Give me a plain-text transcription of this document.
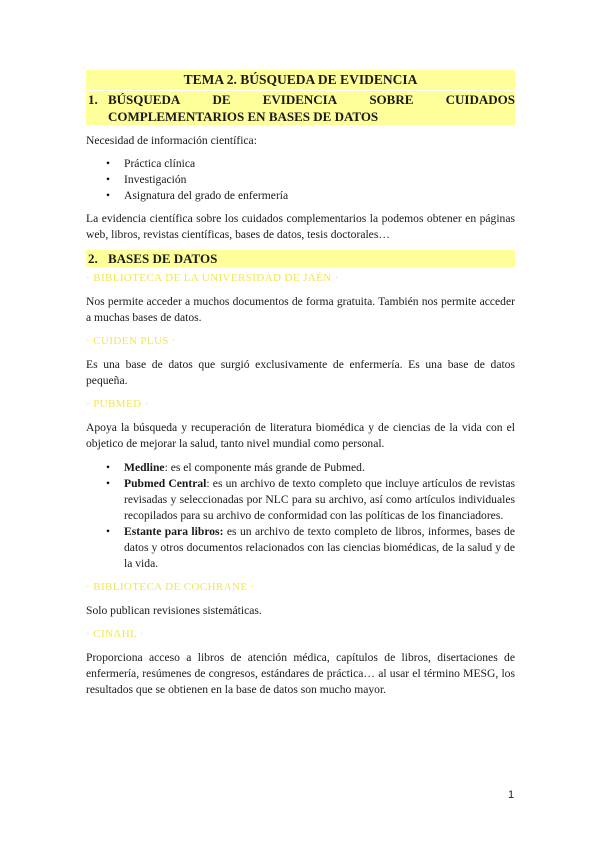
TEMA 2. BÚSQUEDA DE EVIDENCIA
1. BÚSQUEDA DE EVIDENCIA SOBRE CUIDADOS
COMPLEMENTARIOS EN BASES DE DATOS

Necesidad de información científica:

• Práctica clínica
• Investigación
• Asignatura del grado de enfermería

La evidencia científica sobre los cuidados complementarios la podemos obtener en páginas web, libros, revistas científicas, bases de datos, tesis doctorales…

2. BASES DE DATOS
· BIBLIOTECA DE LA UNIVERSIDAD DE JAÉN ·

Nos permite acceder a muchos documentos de forma gratuita. También nos permite acceder a muchas bases de datos.

· CUIDEN PLUS ·

Es una base de datos que surgió exclusivamente de enfermería. Es una base de datos pequeña.

· PUBMED ·

Apoya la búsqueda y recuperación de literatura biomédica y de ciencias de la vida con el objetico de mejorar la salud, tanto nivel mundial como personal.

• Medline: es el componente más grande de Pubmed.
• Pubmed Central: es un archivo de texto completo que incluye artículos de revistas revisadas y seleccionadas por NLC para su archivo, así como artículos individuales recopilados para su archivo de conformidad con las políticas de los financiadores.
• Estante para libros: es un archivo de texto completo de libros, informes, bases de datos y otros documentos relacionados con las ciencias biomédicas, de la salud y de la vida.
· BIBLIOTECA DE COCHRANE ·

Solo publican revisiones sistemáticas.

· CINAHL ·

Proporciona acceso a libros de atención médica, capítulos de libros, disertaciones de enfermería, resúmenes de congresos, estándares de práctica… al usar el término MESG, los resultados que se obtienen en la base de datos son mucho mayor.

1
